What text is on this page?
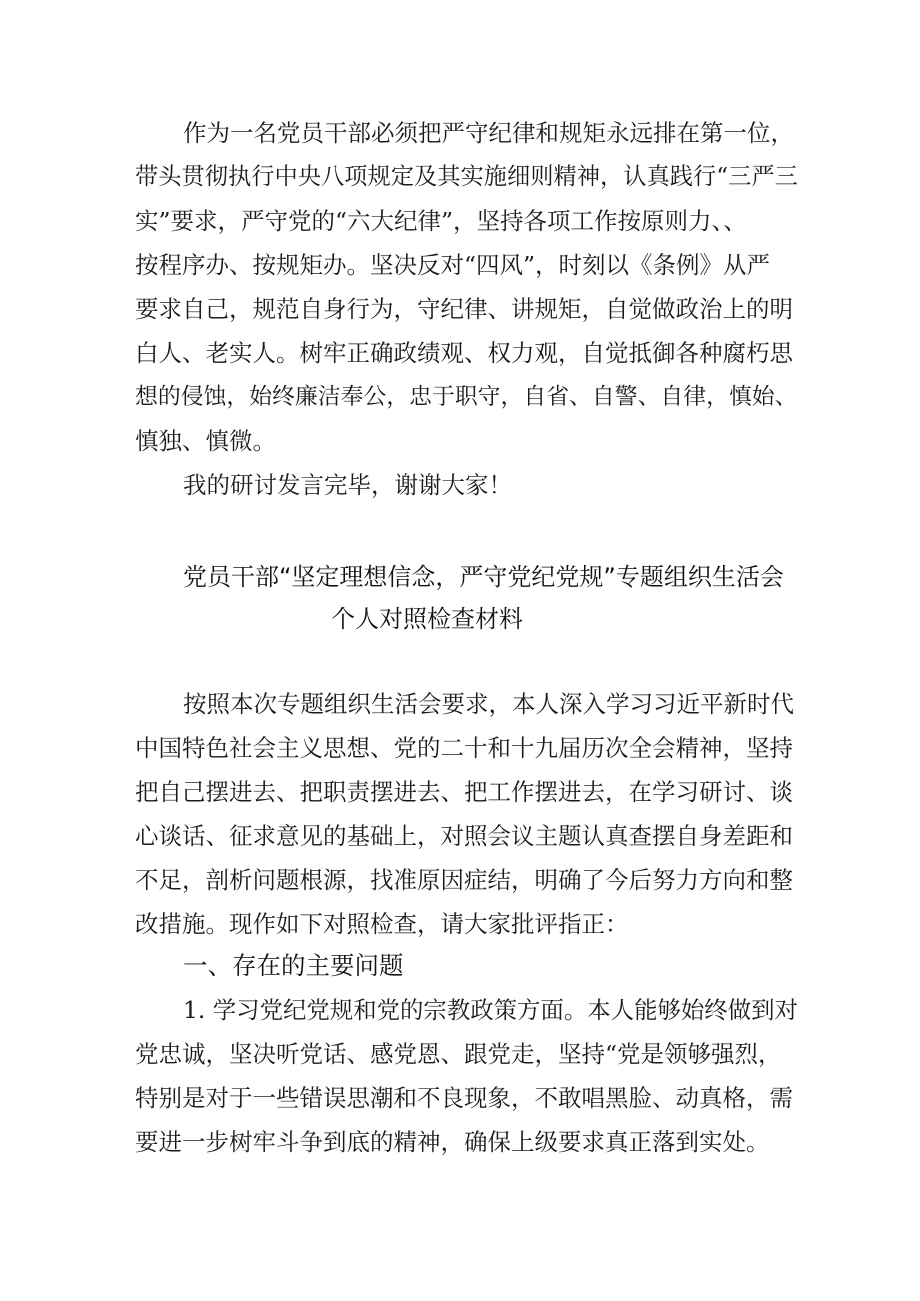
作为一名党员干部必须把严守纪律和规矩永远排在第一位，
带头贯彻执行中央八项规定及其实施细则精神，认真践行“三严三
实”要求，严守党的“六大纪律”，坚持各项工作按原则力、、
按程序办、按规矩办。坚决反对“四风”，时刻以《条例》从严
要求自己，规范自身行为，守纪律、讲规矩，自觉做政治上的明
白人、老实人。树牢正确政绩观、权力观，自觉抵御各种腐朽思
想的侵蚀，始终廉洁奉公，忠于职守，自省、自警、自律，慎始、
慎独、慎微。
我的研讨发言完毕，谢谢大家！
党员干部“坚定理想信念，严守党纪党规”专题组织生活会
个人对照检查材料
按照本次专题组织生活会要求，本人深入学习习近平新时代
中国特色社会主义思想、党的二十和十九届历次全会精神，坚持
把自己摆进去、把职责摆进去、把工作摆进去，在学习研讨、谈
心谈话、征求意见的基础上，对照会议主题认真查摆自身差距和
不足，剖析问题根源，找准原因症结，明确了今后努力方向和整
改措施。现作如下对照检查，请大家批评指正：
一、存在的主要问题
1. 学习党纪党规和党的宗教政策方面。本人能够始终做到对
党忠诚，坚决听党话、感党恩、跟党走，坚持“党是领够强烈，
特别是对于一些错误思潮和不良现象，不敢唱黑脸、动真格，需
要进一步树牢斗争到底的精神，确保上级要求真正落到实处。
